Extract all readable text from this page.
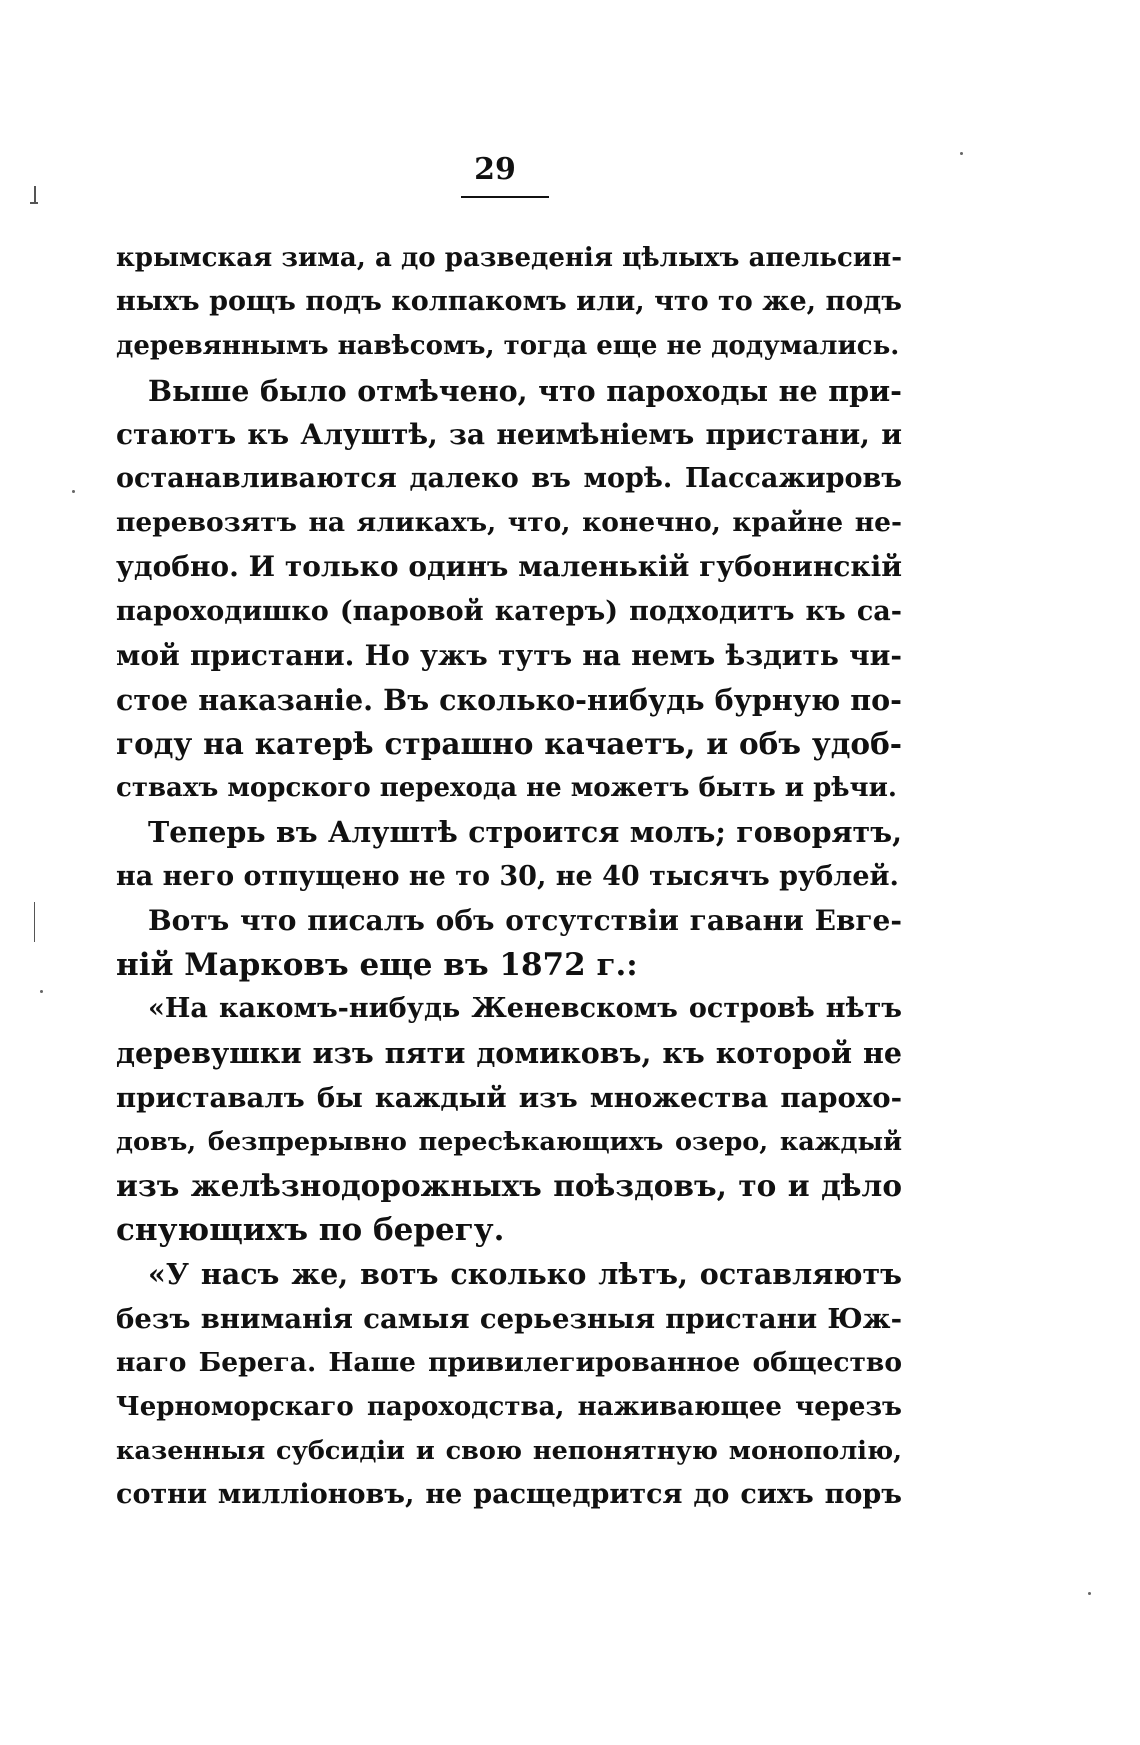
29
крымская зима, а до разведенія цѣлыхъ апельсин-
ныхъ рощъ подъ колпакомъ или, что то же, подъ
деревяннымъ навѣсомъ, тогда еще не додумались.
Выше было отмѣчено, что пароходы не при-
стаютъ къ Алуштѣ, за неимѣніемъ пристани, и
останавливаются далеко въ морѣ. Пассажировъ
перевозятъ на яликахъ, что, конечно, крайне не-
удобно. И только одинъ маленькій губонинскій
пароходишко (паровой катеръ) подходитъ къ са-
мой пристани. Но ужъ тутъ на немъ ѣздить чи-
стое наказаніе. Въ сколько-нибудь бурную по-
году на катерѣ страшно качаетъ, и объ удоб-
ствахъ морского перехода не можетъ быть и рѣчи.
Теперь въ Алуштѣ строится молъ; говорятъ,
на него отпущено не то 30, не 40 тысячъ рублей.
Вотъ что писалъ объ отсутствіи гавани Евге-
ній Марковъ еще въ 1872 г.:
«На какомъ-нибудь Женевскомъ островѣ нѣтъ
деревушки изъ пяти домиковъ, къ которой не
приставалъ бы каждый изъ множества парохо-
довъ, безпрерывно пересѣкающихъ озеро, каждый
изъ желѣзнодорожныхъ поѣздовъ, то и дѣло
снующихъ по берегу.
«У насъ же, вотъ сколько лѣтъ, оставляютъ
безъ вниманія самыя серьезныя пристани Юж-
наго Берега. Наше привилегированное общество
Черноморскаго пароходства, наживающее черезъ
казенныя субсидіи и свою непонятную монополію,
сотни милліоновъ, не расщедрится до сихъ поръ
